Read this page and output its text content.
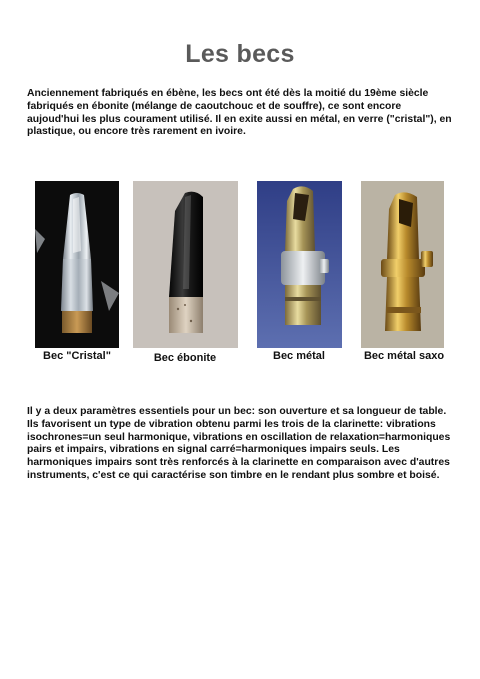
Les becs
Anciennement fabriqués en ébène, les becs ont été dès la moitié du 19ème siècle fabriqués en ébonite (mélange de caoutchouc et de souffre), ce sont encore aujoud'hui les plus courament utilisé. Il en exite aussi en métal, en verre ("cristal"), en plastique, ou encore très rarement en ivoire.
Bec "Cristal"	Bec ébonite	Bec métal	Bec métal saxo
Il y a deux paramètres essentiels pour un bec: son ouverture et sa longueur de table. Ils favorisent un type de vibration obtenu parmi les trois de la clarinette: vibrations isochrones=un seul harmonique, vibrations en oscillation de relaxation=harmoniques pairs et impairs, vibrations en signal carré=harmoniques impairs seuls. Les harmoniques impairs sont très renforcés à la clarinette en comparaison avec d'autres instruments, c'est ce qui caractérise son timbre en le rendant plus sombre et boisé.
